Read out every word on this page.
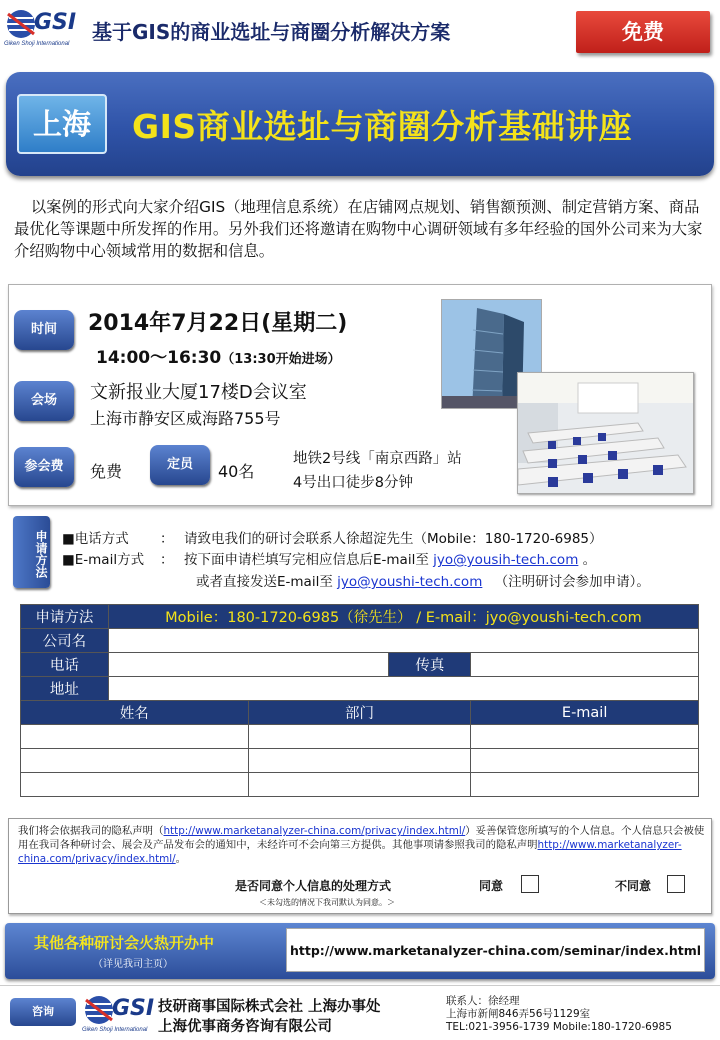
GSI
Giken Shoji International 基于GIS的商业选址与商圈分析解决方案	免费
上海	GIS商业选址与商圈分析基础讲座

以案例的形式向大家介绍GIS（地理信息系统）在店铺网点规划、销售额预测、制定营销方案、商品最优化等课题中所发挥的作用。另外我们还将邀请在购物中心调研领域有多年经验的国外公司来为大家介绍购物中心领域常用的数据和信息。

时间	2014年7月22日(星期二)
14:00～16:30（13:30开始进场）
会场	文新报业大厦17楼D会议室
上海市静安区威海路755号
参会费	免费	定员	40名
地铁2号线「南京西路」站
4号出口徒步8分钟
申请方法 ■电话方式 ： 请致电我们的研讨会联系人徐超淀先生（Mobile：180-1720-6985）
■E-mail方式 ： 按下面申请栏填写完相应信息后E-mail至 jyo@yousih-tech.com 。
或者直接发送E-mail至 jyo@youshi-tech.com （注明研讨会参加申请）。
申请方法	Mobile：180-1720-6985（徐先生） / E-mail：jyo@youshi-tech.com			
公司名				
电话			传真	
地址				
姓名		部门		E-mail

我们将会依据我司的隐私声明（http://www.marketanalyzer-china.com/privacy/index.html/）妥善保管您所填写的个人信息。个人信息只会被使用在我司各种研讨会、展会及产品发布会的通知中，未经许可不会向第三方提供。其他事项请参照我司的隐私声明http://www.marketanalyzer-china.com/privacy/index.html/。
是否同意个人信息的处理方式	同意	不同意
＜未勾选的情况下我司默认为同意。＞
其他各种研讨会火热开办中
（详见我司主页）
http://www.marketanalyzer-china.com/seminar/index.html
咨询	GSI
Giken Shoji International
技研商事国际株式会社 上海办事处
上海优事商务咨询有限公司
联系人：徐经理
上海市新闸846弄56号1129室
TEL:021-3956-1739 Mobile:180-1720-6985
